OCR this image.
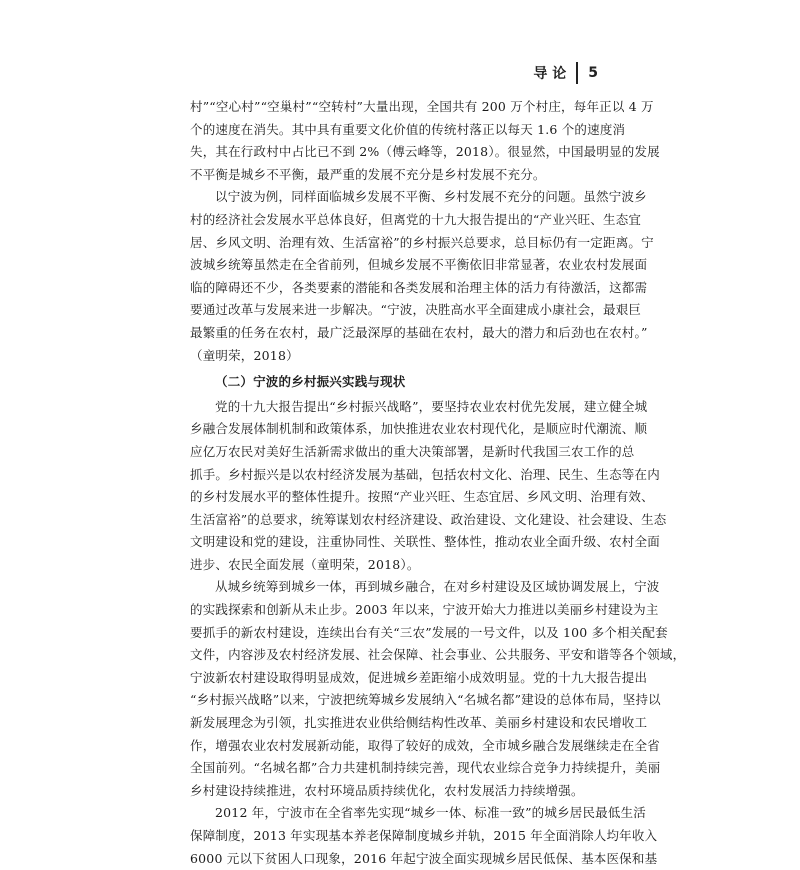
导 论 5
村”“空心村”“空巢村”“空转村”大量出现，全国共有 200 万个村庄，每年正以 4 万
个的速度在消失。其中具有重要文化价值的传统村落正以每天 1.6 个的速度消
失，其在行政村中占比已不到 2%（傅云峰等，2018）。很显然，中国最明显的发展
不平衡是城乡不平衡，最严重的发展不充分是乡村发展不充分。
以宁波为例，同样面临城乡发展不平衡、乡村发展不充分的问题。虽然宁波乡
村的经济社会发展水平总体良好，但离党的十九大报告提出的“产业兴旺、生态宜
居、乡风文明、治理有效、生活富裕”的乡村振兴总要求，总目标仍有一定距离。宁
波城乡统筹虽然走在全省前列，但城乡发展不平衡依旧非常显著，农业农村发展面
临的障碍还不少，各类要素的潜能和各类发展和治理主体的活力有待激活，这都需
要通过改革与发展来进一步解决。“宁波，决胜高水平全面建成小康社会，最艰巨
最繁重的任务在农村，最广泛最深厚的基础在农村，最大的潜力和后劲也在农村。”
（童明荣，2018）
（二）宁波的乡村振兴实践与现状
党的十九大报告提出“乡村振兴战略”，要坚持农业农村优先发展，建立健全城
乡融合发展体制机制和政策体系，加快推进农业农村现代化，是顺应时代潮流、顺
应亿万农民对美好生活新需求做出的重大决策部署，是新时代我国三农工作的总
抓手。乡村振兴是以农村经济发展为基础，包括农村文化、治理、民生、生态等在内
的乡村发展水平的整体性提升。按照“产业兴旺、生态宜居、乡风文明、治理有效、
生活富裕”的总要求，统筹谋划农村经济建设、政治建设、文化建设、社会建设、生态
文明建设和党的建设，注重协同性、关联性、整体性，推动农业全面升级、农村全面
进步、农民全面发展（童明荣，2018）。
从城乡统筹到城乡一体，再到城乡融合，在对乡村建设及区域协调发展上，宁波
的实践探索和创新从未止步。2003 年以来，宁波开始大力推进以美丽乡村建设为主
要抓手的新农村建设，连续出台有关“三农”发展的一号文件，以及 100 多个相关配套
文件，内容涉及农村经济发展、社会保障、社会事业、公共服务、平安和谐等各个领域，
宁波新农村建设取得明显成效，促进城乡差距缩小成效明显。党的十九大报告提出
“乡村振兴战略”以来，宁波把统筹城乡发展纳入“名城名都”建设的总体布局，坚持以
新发展理念为引领，扎实推进农业供给侧结构性改革、美丽乡村建设和农民增收工
作，增强农业农村发展新动能，取得了较好的成效，全市城乡融合发展继续走在全省
全国前列。“名城名都”合力共建机制持续完善，现代农业综合竞争力持续提升，美丽
乡村建设持续推进，农村环境品质持续优化，农村发展活力持续增强。
2012 年，宁波市在全省率先实现“城乡一体、标准一致”的城乡居民最低生活
保障制度，2013 年实现基本养老保障制度城乡并轨，2015 年全面消除人均年收入
6000 元以下贫困人口现象，2016 年起宁波全面实现城乡居民低保、基本医保和基
